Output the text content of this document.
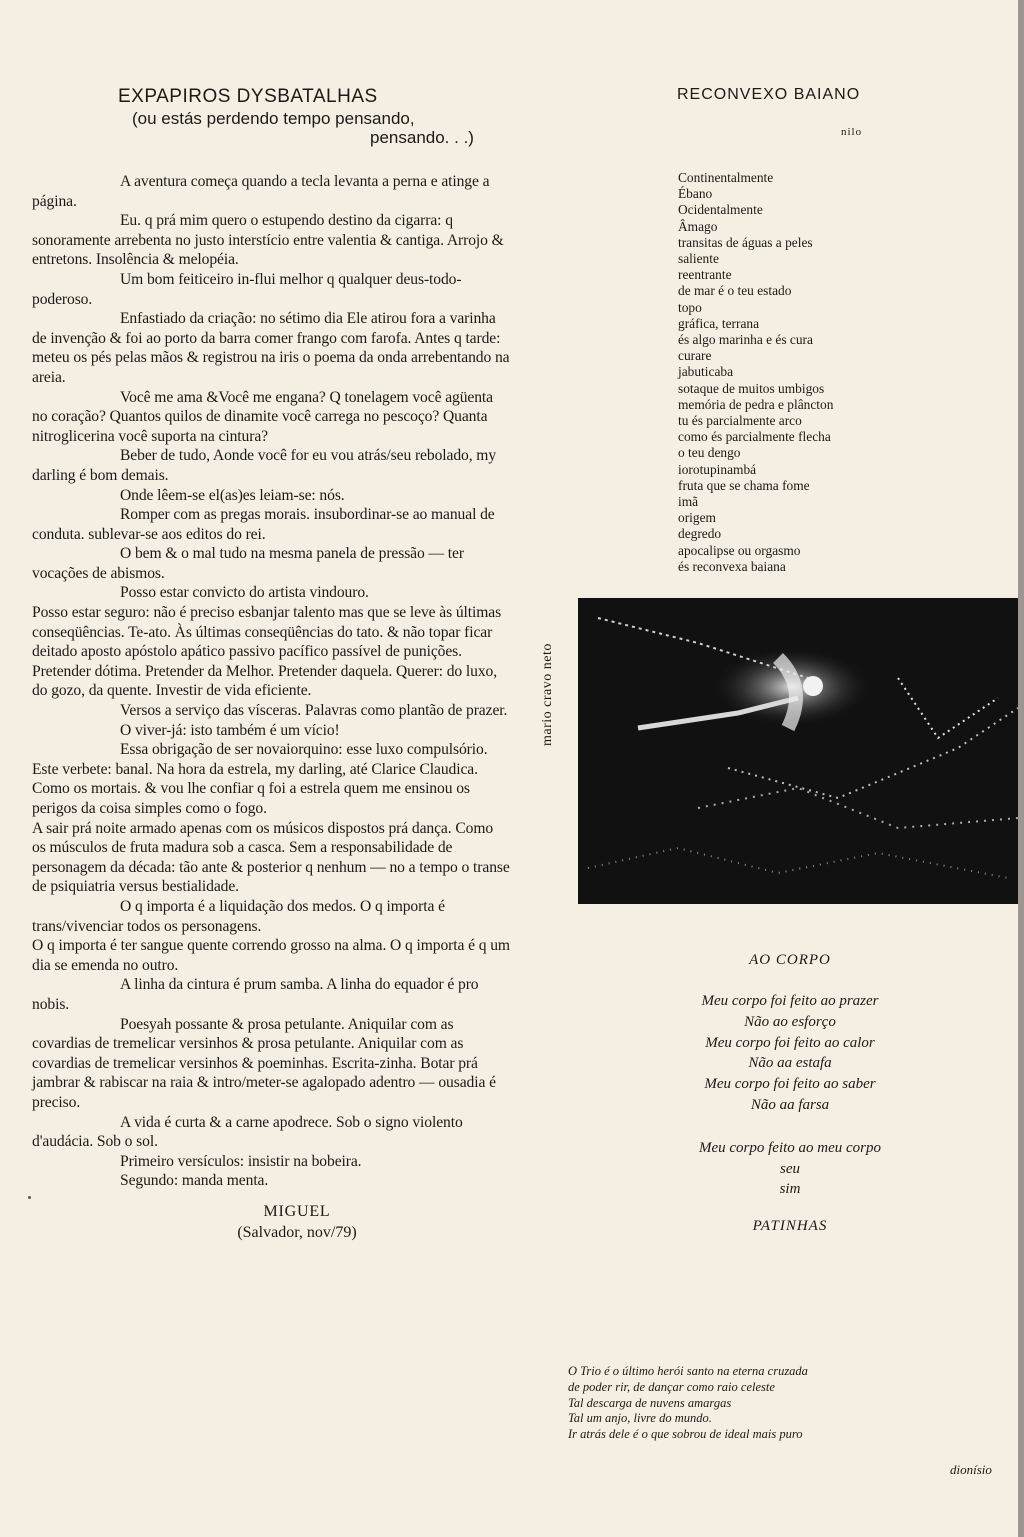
EXPAPIROS DYSBATALHAS
(ou estás perdendo tempo pensando,
pensando. . .)

A aventura começa quando a tecla levanta a perna e atinge a página.

Eu. q prá mim quero o estupendo destino da cigarra: q sonoramente arrebenta no justo interstício entre valentia & cantiga. Arrojo & entretons. Insolência & melopéia.

Um bom feiticeiro in-flui melhor q qualquer deus-todo-poderoso.

Enfastiado da criação: no sétimo dia Ele atirou fora a varinha de invenção & foi ao porto da barra comer frango com farofa. Antes q tarde: meteu os pés pelas mãos & registrou na iris o poema da onda arrebentando na areia.

Você me ama &Você me engana? Q tonelagem você agüenta no coração? Quantos quilos de dinamite você carrega no pescoço? Quanta nitroglicerina você suporta na cintura?

Beber de tudo, Aonde você for eu vou atrás/seu rebolado, my darling é bom demais.

Onde lêem-se el(as)es leiam-se: nós.

Romper com as pregas morais. insubordinar-se ao manual de conduta. sublevar-se aos editos do rei.

O bem & o mal tudo na mesma panela de pressão — ter vocações de abismos.

Posso estar convicto do artista vindouro.

Posso estar seguro: não é preciso esbanjar talento mas que se leve às últimas conseqüências. Te-ato. Às últimas conseqüências do tato. & não topar ficar deitado aposto apóstolo apático passivo pacífico passível de punições. Pretender dótima. Pretender da Melhor. Pretender daquela. Querer: do luxo, do gozo, da quente. Investir de vida eficiente.

Versos a serviço das vísceras. Palavras como plantão de prazer.

O viver-já: isto também é um vício!

Essa obrigação de ser novaiorquino: esse luxo compulsório. Este verbete: banal. Na hora da estrela, my darling, até Clarice Claudica. Como os mortais. & vou lhe confiar q foi a estrela quem me ensinou os perigos da coisa simples como o fogo.

A sair prá noite armado apenas com os músicos dispostos prá dança. Como os músculos de fruta madura sob a casca. Sem a responsabilidade de personagem da década: tão ante & posterior q nenhum — no a tempo o transe de psiquiatria versus bestialidade.

O q importa é a liquidação dos medos. O q importa é trans/vivenciar todos os personagens.

O q importa é ter sangue quente correndo grosso na alma. O q importa é q um dia se emenda no outro.

A linha da cintura é prum samba. A linha do equador é pro nobis.

Poesyah possante & prosa petulante. Aniquilar com as covardias de tremelicar versinhos & prosa petulante. Aniquilar com as covardias de tremelicar versinhos & poeminhas. Escrita-zinha. Botar prá jambrar & rabiscar na raia & intro/meter-se agalopado adentro — ousadia é preciso.

A vida é curta & a carne apodrece. Sob o signo violento d'audácia. Sob o sol.

Primeiro versículos: insistir na bobeira.

Segundo: manda menta.

MIGUEL
(Salvador, nov/79)
RECONVEXO BAIANO
nilo
Continentalmente
Ébano
Ocidentalmente
Âmago
transitas de águas a peles
saliente
reentrante
de mar é o teu estado
topo
gráfica, terrana
és algo marinha e és cura
curare
jabuticaba
sotaque de muitos umbigos
memória de pedra e plâncton
tu és parcialmente arco
como és parcialmente flecha
o teu dengo
iorotupinambá
fruta que se chama fome
imã
origem
degredo
apocalipse ou orgasmo
és reconvexa baiana
mario cravo neto
AO CORPO
Meu corpo foi feito ao prazer
Não ao esforço
Meu corpo foi feito ao calor
Não aa estafa
Meu corpo foi feito ao saber
Não aa farsa
Meu corpo feito ao meu corpo
seu
sim
PATINHAS
O Trio é o último herói santo na eterna cruzada
de poder rir, de dançar como raio celeste
Tal descarga de nuvens amargas
Tal um anjo, livre do mundo.
Ir atrás dele é o que sobrou de ideal mais puro
dionísio
